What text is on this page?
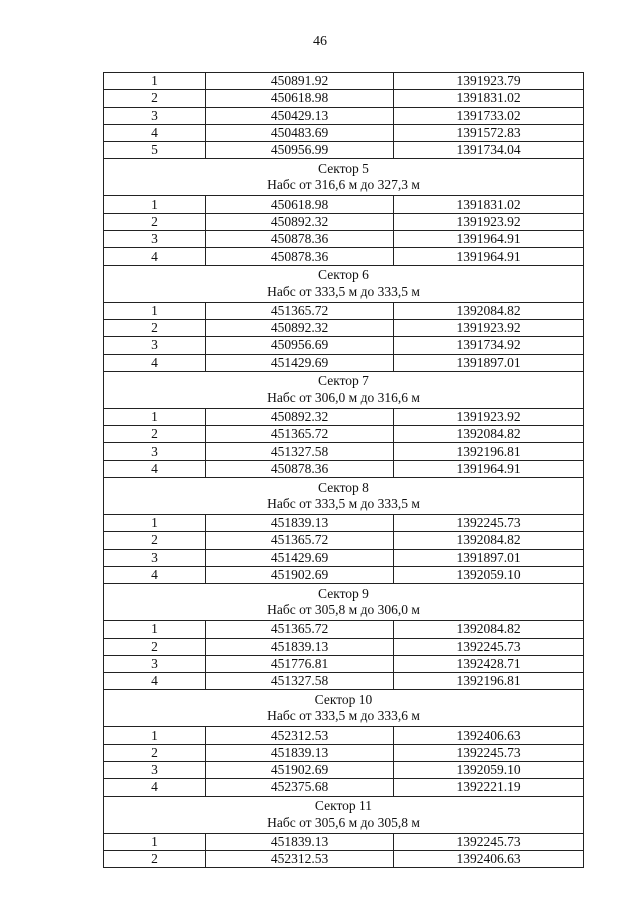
46
1	450891.92	1391923.79
2	450618.98	1391831.02
3	450429.13	1391733.02
4	450483.69	1391572.83
5	450956.99	1391734.04

Сектор 5
Набс от 316,6 м до 327,3 м		

1	450618.98	1391831.02
2	450892.32	1391923.92
3	450878.36	1391964.91
4	450878.36	1391964.91

Сектор 6
Набс от 333,5 м до 333,5 м		

1	451365.72	1392084.82
2	450892.32	1391923.92
3	450956.69	1391734.92
4	451429.69	1391897.01

Сектор 7
Набс от 306,0 м до 316,6 м		

1	450892.32	1391923.92
2	451365.72	1392084.82
3	451327.58	1392196.81
4	450878.36	1391964.91

Сектор 8
Набс от 333,5 м до 333,5 м		

1	451839.13	1392245.73
2	451365.72	1392084.82
3	451429.69	1391897.01
4	451902.69	1392059.10

Сектор 9
Набс от 305,8 м до 306,0 м		

1	451365.72	1392084.82
2	451839.13	1392245.73
3	451776.81	1392428.71
4	451327.58	1392196.81

Сектор 10
Набс от 333,5 м до 333,6 м		

1	452312.53	1392406.63
2	451839.13	1392245.73
3	451902.69	1392059.10
4	452375.68	1392221.19

Сектор 11
Набс от 305,6 м до 305,8 м		

1	451839.13	1392245.73
2	452312.53	1392406.63
